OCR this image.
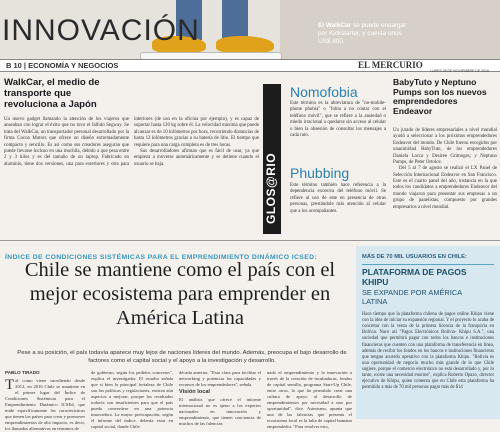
El WalkCar se puede encargar por Kickstarter, y cuesta unos US$ 800.
INNOVACIÓN
B 10 | ECONOMÍA Y NEGOCIOS	EL MERCURIO
LUNES 28 DE NOVIEMBRE DE 2016
WalkCar, el medio de transporte que revoluciona a Japón

Un nuevo gadget llamando la atención de los viajeros que anseaban con lograr el éxito que no tuvo el fallido Segway. Se trata del WalkCar, un transportador personal desarrollado por la firma Cocoa Motors que ofrece un diseño extremadamente compacto y sencillo. Es así como sus creadores aseguran que puede llevarse incluso en una mochila, debido a que pesa entre 2 y 3 kilos y es del tamaño de un laptop. Fabricado en aluminio, tiene dos versiones, una para exteriores y otra para interiores (de uso en la oficina por ejemplo), y es capaz de soportar hasta 120 kg sobre él. La velocidad máxima que puede alcanzar es de 10 kilómetros por hora, recorriendo distancias de hasta 12 kilómetros gracias a su batería de litio. El tiempo que requiere para una carga completa es de tres horas.

Sus desarrolladores afirman que es fácil de usar, ya que empieza a moverse automáticamente y se detiene cuando el usuario se baja.	GLOS@RIO
Nomofobia
Este término es la abreviatura de "no-mobile-phone phobia" o "fobia a no contar con el teléfono móvil", que se refiere a la ansiedad o miedo irracional a quedarse sin acceso al celular o bien la obsesión de consultar los mensajes a cada rato.
Phubbing
Este término también hace referencia a la dependencia excesiva del teléfono móvil. Se refiere al uso de este en presencia de otras personas, prestándole más atención al celular que a los acompañantes.
BabyTuto y Neptuno Pumps son los nuevos emprendedores Endeavor

Un jurado de líderes empresariales a nivel mundial ayudó a seleccionar a los próximos emprendedores Endeavor del mundo. De Chile fueron escogidos por unanimidad BabyTuto, de los emprendedores Daniela Lorca y Desiree Grimoges; y Neptuno Pumps, de Peter Ortolov.

Del 5 al 7 de agosto se realizó el LX Panel de Selección Internacional Endeavor en San Francisco. Este es el cuarto panel del año, instancia en la que todos los candidatos a emprendedores Endeavor del mundo viajaron para presentar sus empresas a un grupo de panelistas, compuesto por grandes empresarios a nivel mundial.

ÍNDICE DE CONDICIONES SISTÉMICAS PARA EL EMPRENDIMIENTO DINÁMICO ICSED:
Chile se mantiene como el país con el mejor ecosistema para emprender en América Latina
Pese a su posición, el país todavía aparece muy lejos de naciones líderes del mundo. Además, preocupa el bajo desarrollo de factores como el capital social y el apoyo a la investigación y desarrollo.
PABLO TIRADO
T al como viene sucediendo desde 2012, en 2016 Chile se mantiene en el primer lugar del Índice de Condiciones Sistémicas para el Emprendimiento Dinámico ICSEd, que mide específicamente las características que tienen los países para crear y promover emprendimientos de alto impacto, es decir, los llamados alternativos en términos de
de gobierno, según los pedidos concretos", explica el investigador. El estudio señala que si bien la principal fortaleza de Chile son las políticas y regulaciones, existen aún aspectos a mejorar, porque los resultados todavía son insuficientes para que el país pueda convertirse en una potencia innovadora. La mayor preocupación, según el informe del índice, debería estar en capital social, donde Chile

década anterior. "Esta clara para facilitar el networking y potenciar las capacidades y recursos de los emprendedores", señala.

Visión local

El análisis que ofrece el informe internacional no es ajeno a los expertos nacionales en innovación y emprendimiento, que tienen conciencia de muchos de las falencias

nado el emprendimiento y la innovación a través de la creación de incubadoras, fondos de capital semilla, programa Start-Up Chile, entre otros, lo que ha permitido crear una cultura de apoyo al desarrollo de emprendimientos por necesidad a uno por oportunidad", dice. Asimismo, apunta que una de las falencias que presenta el ecosistema local es la falta de capital humano emprendedor. "Para resolver esto,
MÁS DE 70 MIL USUARIOS EN CHILE:
PLATAFORMA DE PAGOS KHIPU
SE EXPANDE POR AMÉRICA LATINA
Hace tiempo que la plataforma chilena de pagos online Khipu viene con la idea de iniciar su expansión regional. Y el proyecto lo acaba de concretar con la venta de la primera licencia de la franquicia en Bolivia. Nace así "Pagos Electrónicos Bolivia- Khipu S.A.", una sociedad que permitirá pagar con todos los bancos e instituciones financieras que cuenten con una plataforma de transferencia en línea, además de recibir los fondos en los bancos e instituciones financieras que tengan acuerdo operativo con la plataforma Khipu. "Bolivia es una oportunidad de negocio mucho más grande de lo que Chile sugiere, porque el comercio electrónico no está desarrollado y, por lo tanto, existe una necesidad enorme", explica Roberto Opazo, director ejecutivo de Khipu, quien comenta que en Chile esta plataforma ha permitido a más de 70 mil personas pagar más de $14
